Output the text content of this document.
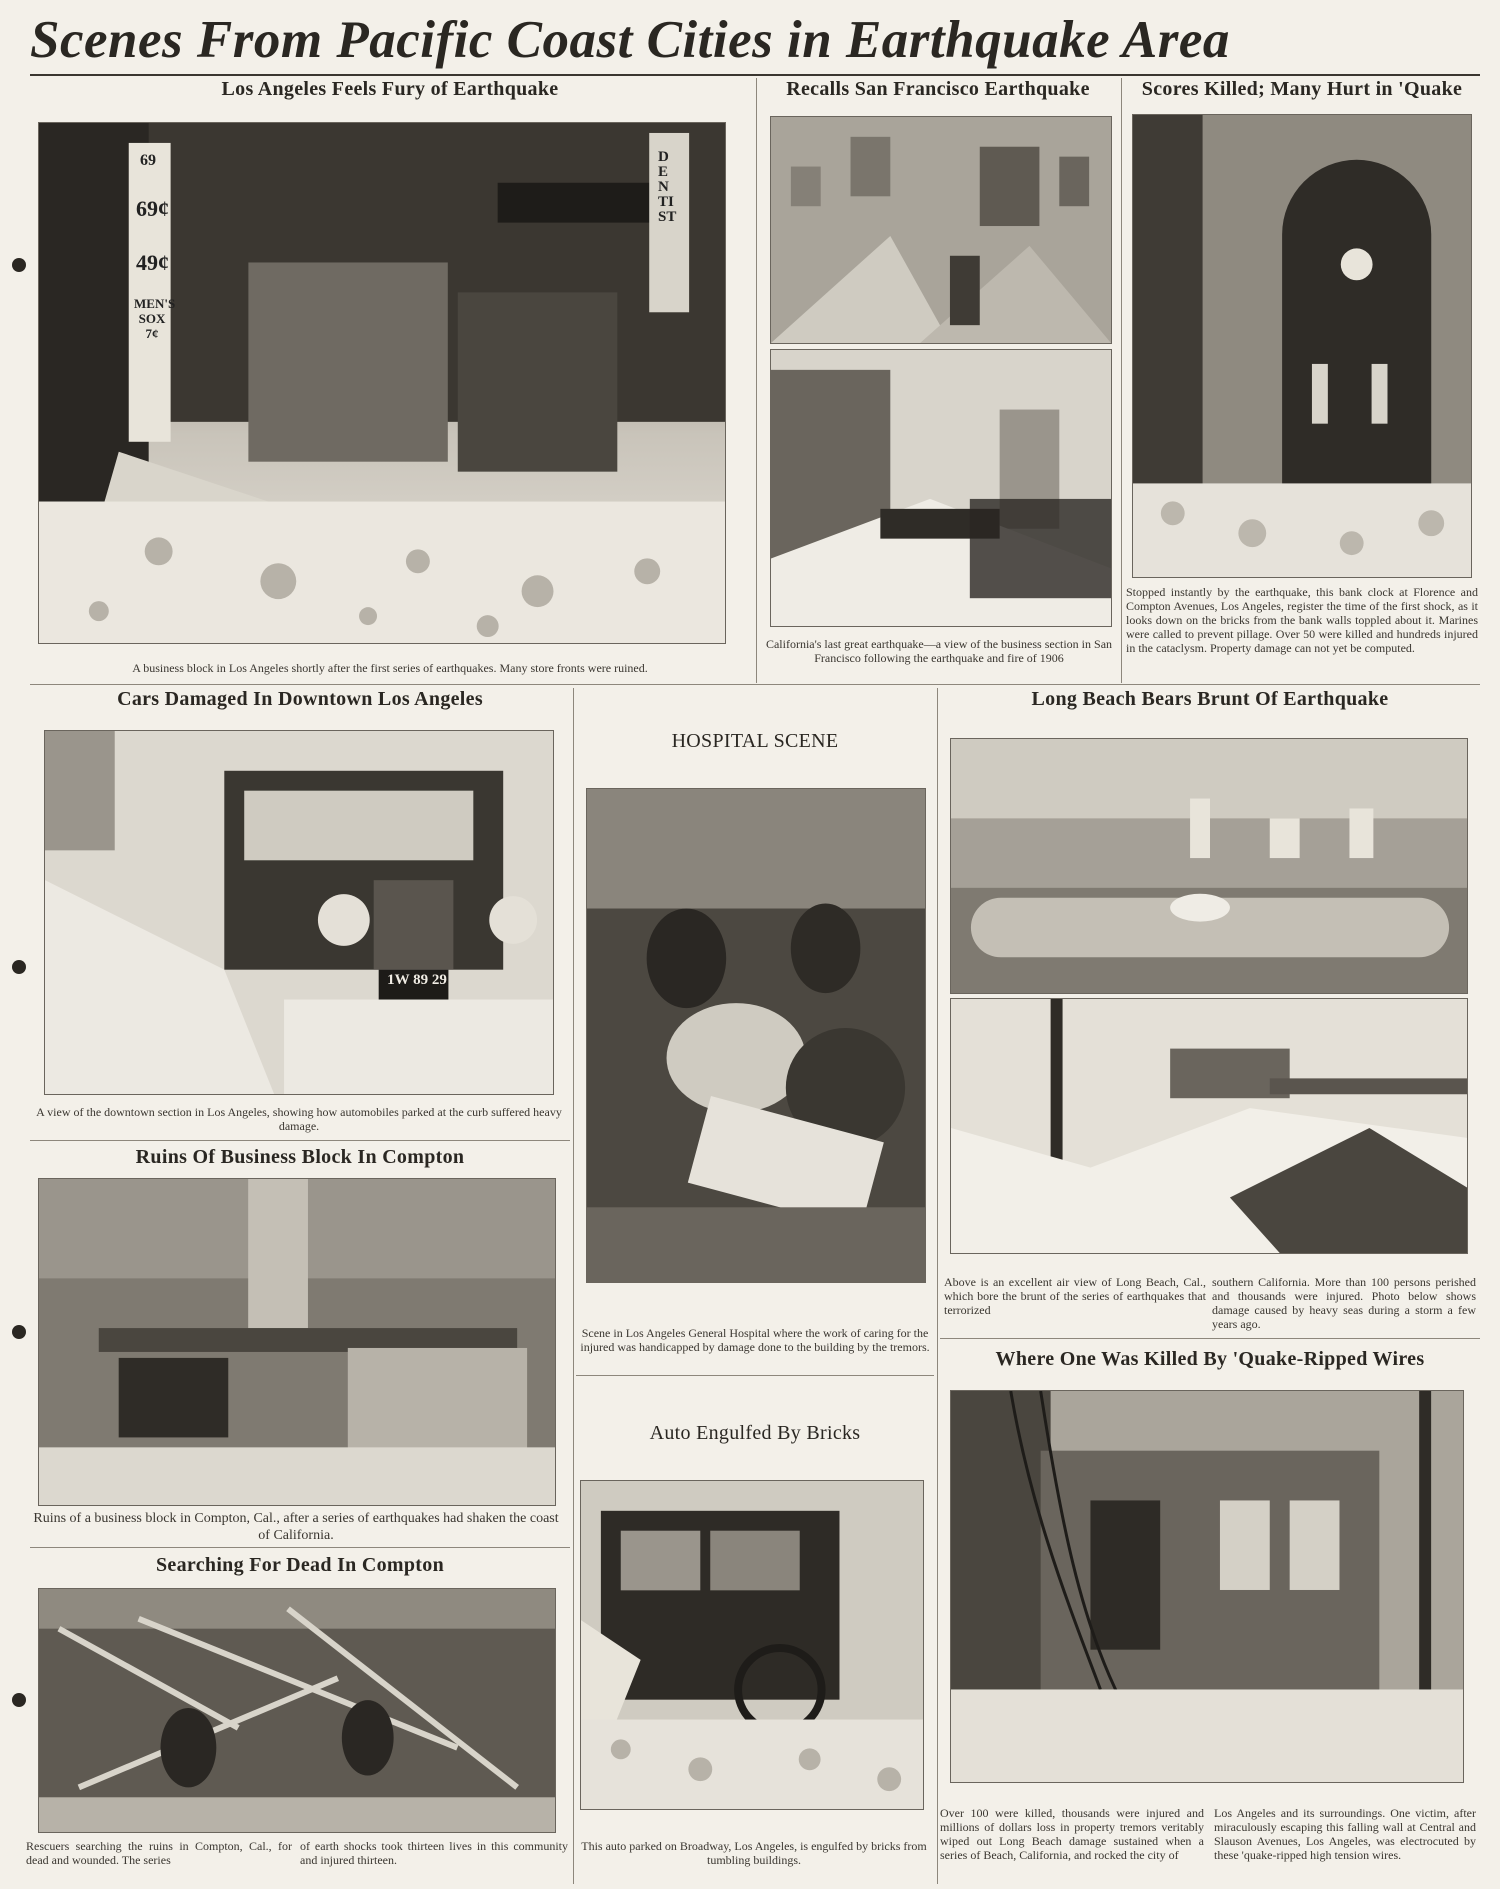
Scenes From Pacific Coast Cities in Earthquake Area
Los Angeles Feels Fury of Earthquake
69
69¢
49¢
MEN'S SOX 7¢
DENTIST
A business block in Los Angeles shortly after the first series of earthquakes. Many store fronts were ruined.
Recalls San Francisco Earthquake
California's last great earthquake—a view of the business section in San Francisco following the earthquake and fire of 1906
Scores Killed; Many Hurt in 'Quake
Stopped instantly by the earthquake, this bank clock at Florence and Compton Avenues, Los Angeles, register the time of the first shock, as it looks down on the bricks from the bank walls toppled about it. Marines were called to prevent pillage. Over 50 were killed and hundreds injured in the cataclysm. Property damage can not yet be computed.
Cars Damaged In Downtown Los Angeles
1W 89 29
A view of the downtown section in Los Angeles, showing how automobiles parked at the curb suffered heavy damage.
HOSPITAL SCENE
Scene in Los Angeles General Hospital where the work of caring for the injured was handicapped by damage done to the building by the tremors.
Long Beach Bears Brunt Of Earthquake
Above is an excellent air view of Long Beach, Cal., which bore the brunt of the series of earthquakes that terrorized
southern California. More than 100 persons perished and thousands were injured. Photo below shows damage caused by heavy seas during a storm a few years ago.
Ruins Of Business Block In Compton
Ruins of a business block in Compton, Cal., after a series of earthquakes had shaken the coast of California.
Auto Engulfed By Bricks
This auto parked on Broadway, Los Angeles, is engulfed by bricks from tumbling buildings.
Where One Was Killed By 'Quake-Ripped Wires
Over 100 were killed, thousands were injured and millions of dollars loss in property tremors veritably wiped out Long Beach damage sustained when a series of Beach, California, and rocked the city of
Los Angeles and its surroundings. One victim, after miraculously escaping this falling wall at Central and Slauson Avenues, Los Angeles, was electrocuted by these 'quake-ripped high tension wires.
Searching For Dead In Compton
Rescuers searching the ruins in Compton, Cal., for dead and wounded. The series
of earth shocks took thirteen lives in this community and injured thirteen.
